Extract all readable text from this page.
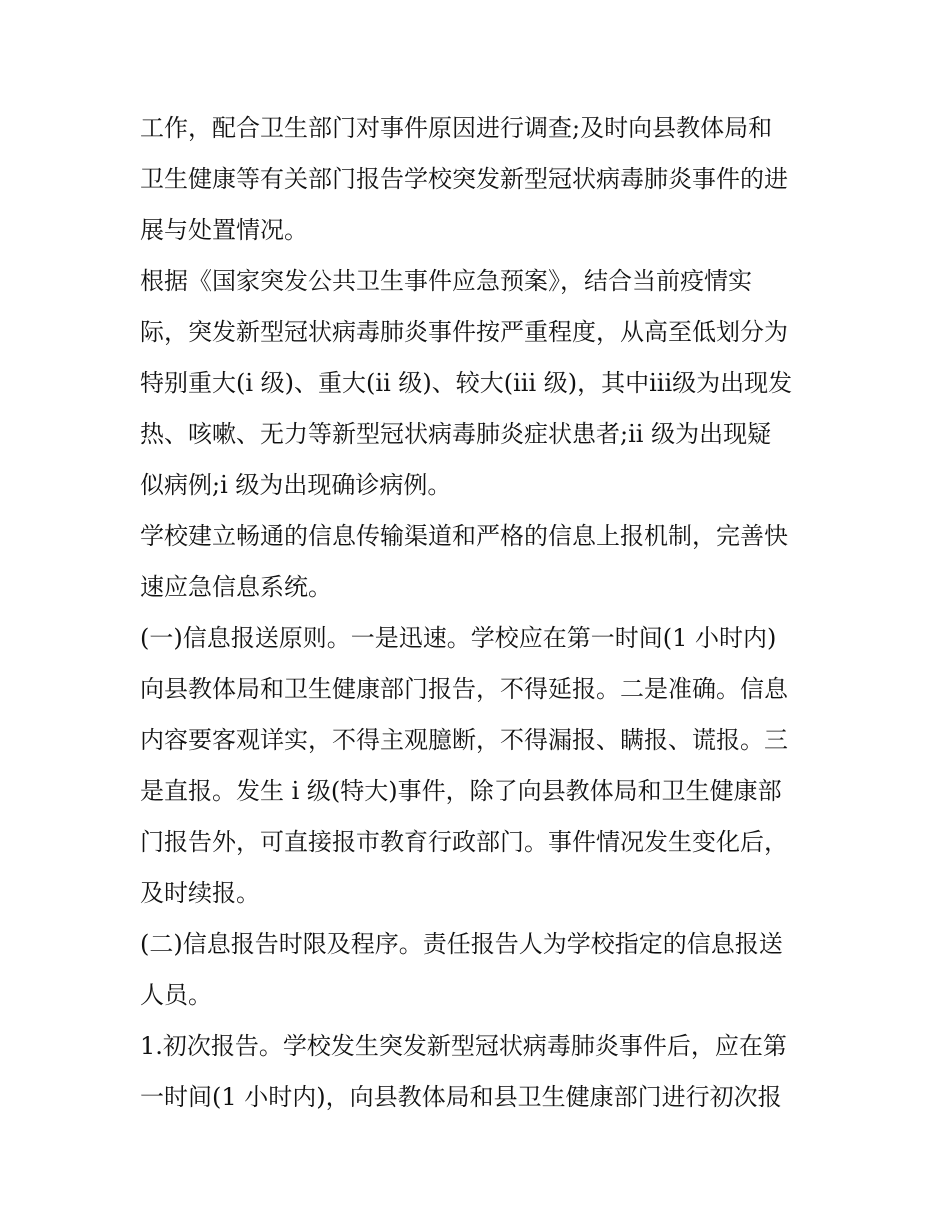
工作，配合卫生部门对事件原因进行调查;及时向县教体局和
卫生健康等有关部门报告学校突发新型冠状病毒肺炎事件的进
展与处置情况。
根据《国家突发公共卫生事件应急预案》，结合当前疫情实
际，突发新型冠状病毒肺炎事件按严重程度，从高至低划分为
特别重大(i 级)、重大(ii 级)、较大(iii 级)，其中iii级为出现发
热、咳嗽、无力等新型冠状病毒肺炎症状患者;ii 级为出现疑
似病例;i 级为出现确诊病例。
学校建立畅通的信息传输渠道和严格的信息上报机制，完善快
速应急信息系统。
(一)信息报送原则。一是迅速。学校应在第一时间(1 小时内)
向县教体局和卫生健康部门报告，不得延报。二是准确。信息
内容要客观详实，不得主观臆断，不得漏报、瞒报、谎报。三
是直报。发生 i 级(特大)事件，除了向县教体局和卫生健康部
门报告外，可直接报市教育行政部门。事件情况发生变化后，
及时续报。
(二)信息报告时限及程序。责任报告人为学校指定的信息报送
人员。
1.初次报告。学校发生突发新型冠状病毒肺炎事件后，应在第
一时间(1 小时内)，向县教体局和县卫生健康部门进行初次报
